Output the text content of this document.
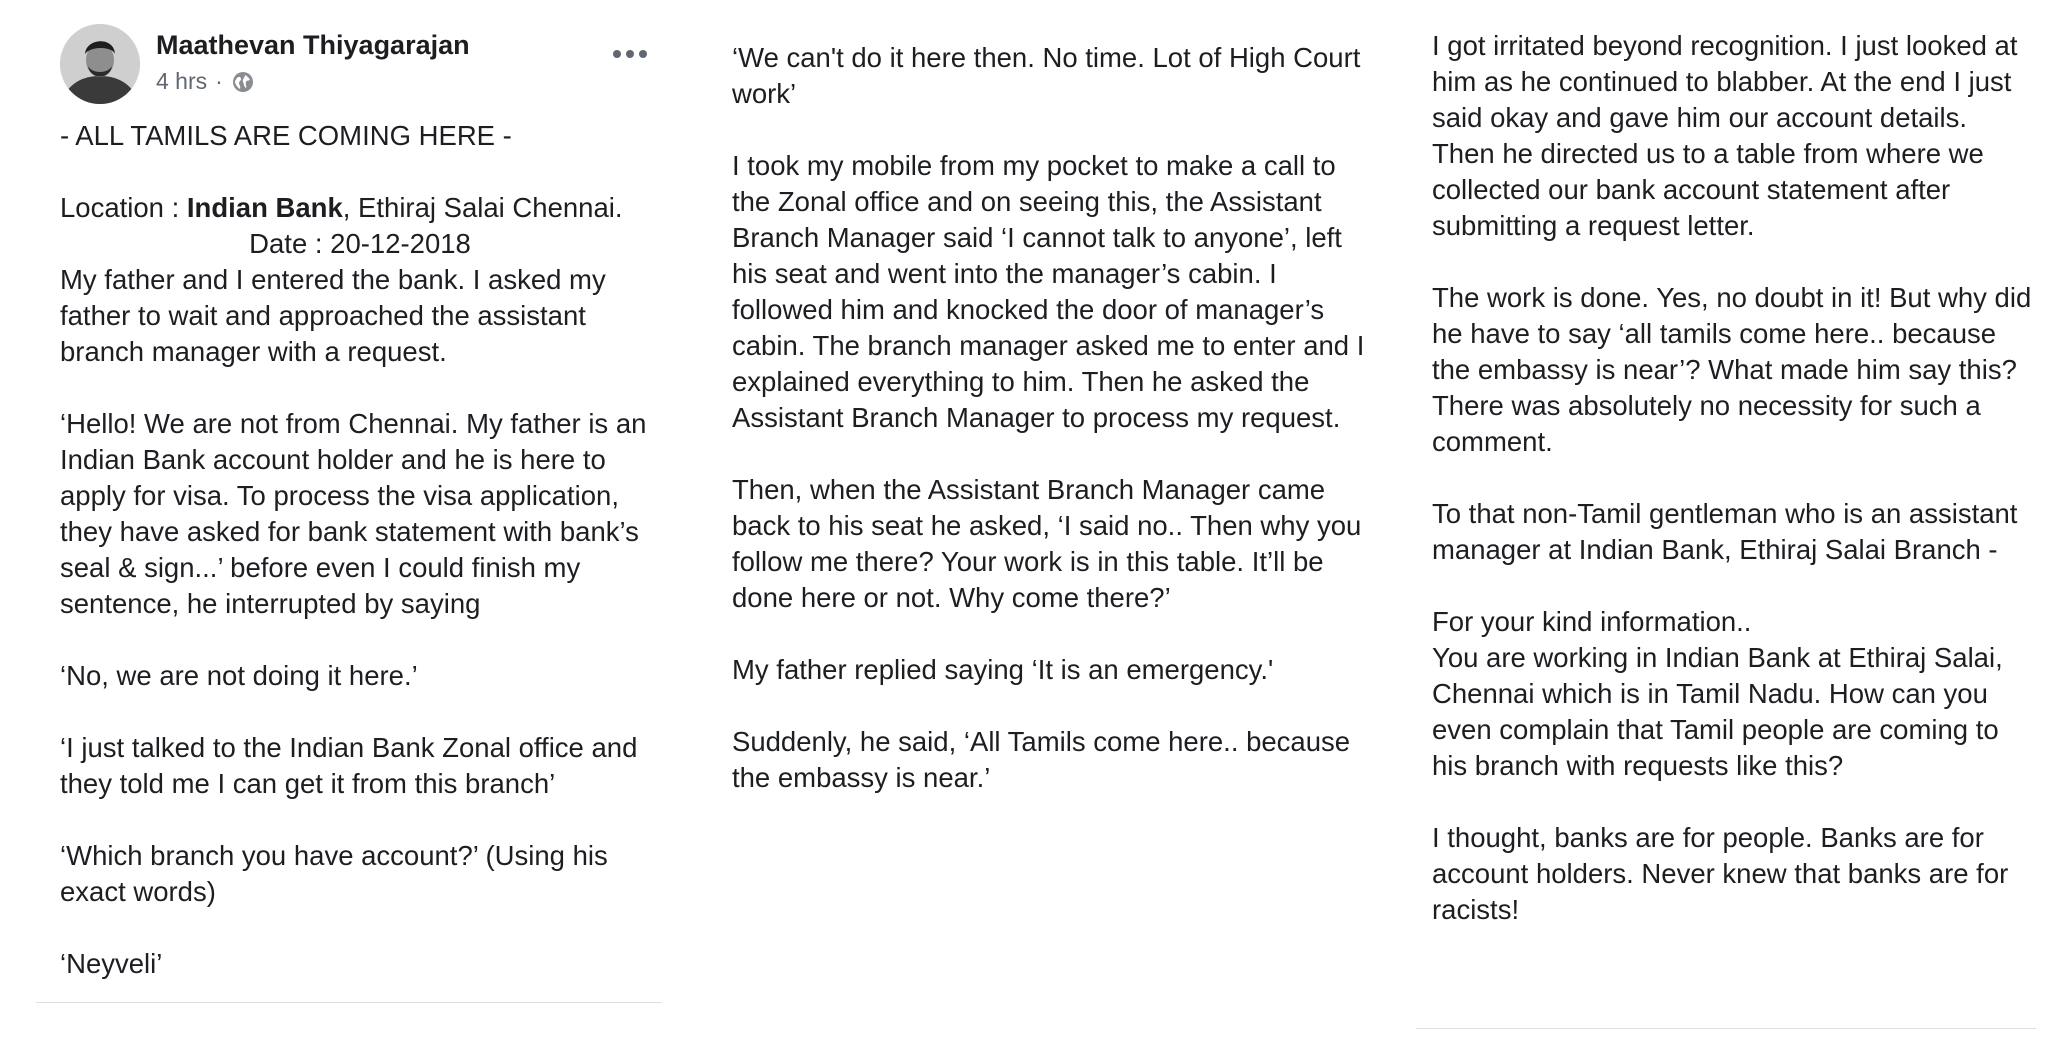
Maathevan Thiyagarajan
4 hrs ·

- ALL TAMILS ARE COMING HERE -

Location : Indian Bank, Ethiraj Salai Chennai.
Date : 20-12-2018

My father and I entered the bank. I asked my father to wait and approached the assistant branch manager with a request.

‘Hello! We are not from Chennai. My father is an Indian Bank account holder and he is here to apply for visa. To process the visa application, they have asked for bank statement with bank’s seal & sign...’ before even I could finish my sentence, he interrupted by saying

‘No, we are not doing it here.’

‘I just talked to the Indian Bank Zonal office and they told me I can get it from this branch’

‘Which branch you have account?’ (Using his exact words)

‘Neyveli’

‘We can't do it here then. No time. Lot of High Court work’

I took my mobile from my pocket to make a call to the Zonal office and on seeing this, the Assistant Branch Manager said ‘I cannot talk to anyone’, left his seat and went into the manager’s cabin. I followed him and knocked the door of manager’s cabin. The branch manager asked me to enter and I explained everything to him. Then he asked the Assistant Branch Manager to process my request.

Then, when the Assistant Branch Manager came back to his seat he asked, ‘I said no.. Then why you follow me there? Your work is in this table. It’ll be done here or not. Why come there?’

My father replied saying ‘It is an emergency.'

Suddenly, he said, ‘All Tamils come here.. because the embassy is near.’

I got irritated beyond recognition. I just looked at him as he continued to blabber. At the end I just said okay and gave him our account details. Then he directed us to a table from where we collected our bank account statement after submitting a request letter.

The work is done. Yes, no doubt in it! But why did he have to say ‘all tamils come here.. because the embassy is near’? What made him say this?
There was absolutely no necessity for such a comment.

To that non-Tamil gentleman who is an assistant manager at Indian Bank, Ethiraj Salai Branch -

For your kind information..
You are working in Indian Bank at Ethiraj Salai, Chennai which is in Tamil Nadu. How can you even complain that Tamil people are coming to his branch with requests like this?

I thought, banks are for people. Banks are for account holders. Never knew that banks are for racists!
